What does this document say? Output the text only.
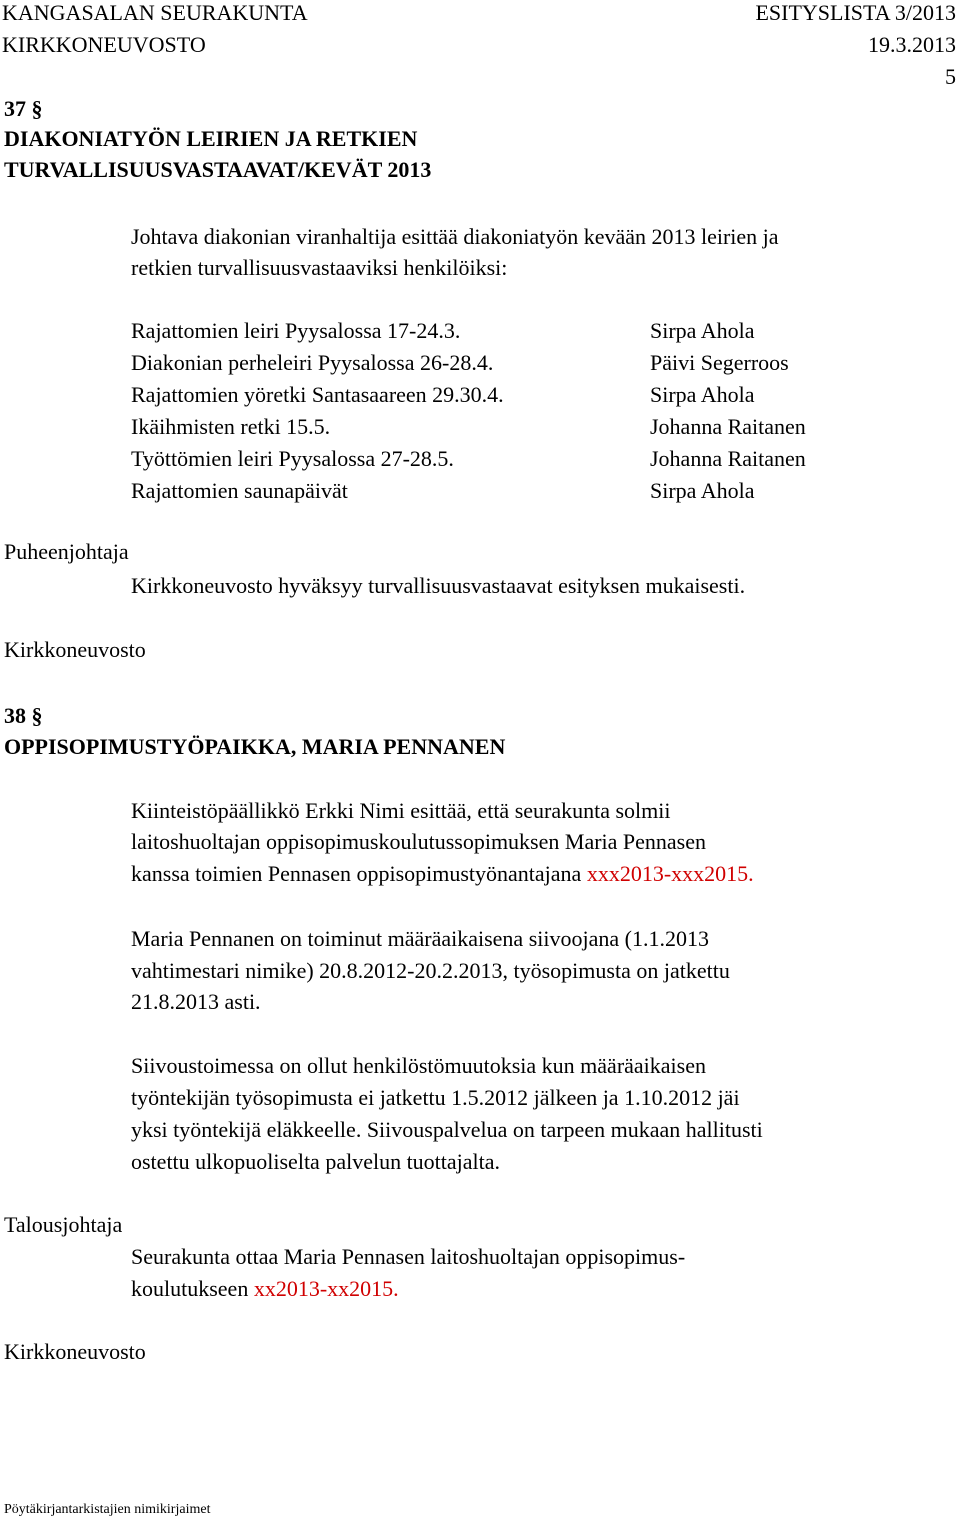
KANGASALAN SEURAKUNTA	ESITYSLISTA 3/2013
KIRKKONEUVOSTO	19.3.2013
5
37 §
DIAKONIATYÖN LEIRIEN JA RETKIEN
TURVALLISUUSVASTAAVAT/KEVÄT 2013
Johtava diakonian viranhaltija esittää diakoniatyön kevään 2013 leirien ja
retkien turvallisuusvastaaviksi henkilöiksi:
Rajattomien leiri Pyysalossa 17-24.3.	Sirpa Ahola
Diakonian perheleiri Pyysalossa 26-28.4.	Päivi Segerroos
Rajattomien yöretki Santasaareen 29.30.4.	Sirpa Ahola
Ikäihmisten retki 15.5.	Johanna Raitanen
Työttömien leiri Pyysalossa 27-28.5.	Johanna Raitanen
Rajattomien saunapäivät	Sirpa Ahola
Puheenjohtaja
Kirkkoneuvosto hyväksyy turvallisuusvastaavat esityksen mukaisesti.
Kirkkoneuvosto
38 §
OPPISOPIMUSTYÖPAIKKA, MARIA PENNANEN
Kiinteistöpäällikkö Erkki Nimi esittää, että seurakunta solmii
laitoshuoltajan oppisopimuskoulutussopimuksen Maria Pennasen
kanssa toimien Pennasen oppisopimustyönantajana xxx2013-xxx2015.
Maria Pennanen on toiminut määräaikaisena siivoojana (1.1.2013
vahtimestari nimike) 20.8.2012-20.2.2013, työsopimusta on jatkettu
21.8.2013 asti.
Siivoustoimessa on ollut henkilöstömuutoksia kun määräaikaisen
työntekijän työsopimusta ei jatkettu 1.5.2012 jälkeen ja 1.10.2012 jäi
yksi työntekijä eläkkeelle. Siivouspalvelua on tarpeen mukaan hallitusti
ostettu ulkopuoliselta palvelun tuottajalta.
Talousjohtaja
Seurakunta ottaa Maria Pennasen laitoshuoltajan oppisopimus-
koulutukseen xx2013-xx2015.
Kirkkoneuvosto
Pöytäkirjantarkistajien nimikirjaimet
